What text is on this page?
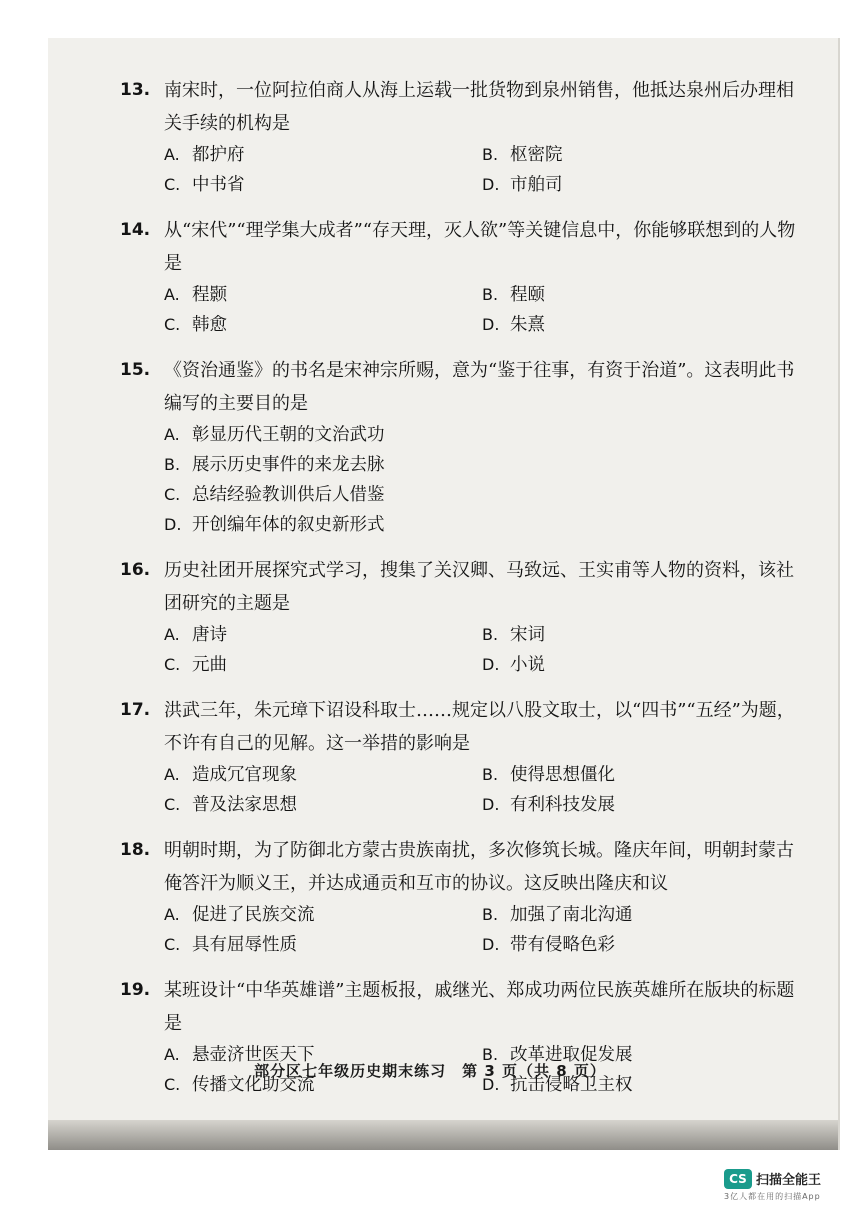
13. 南宋时，一位阿拉伯商人从海上运载一批货物到泉州销售，他抵达泉州后办理相关手续的机构是
A. 都护府	B. 枢密院
C. 中书省	D. 市舶司
14. 从“宋代”“理学集大成者”“存天理，灭人欲”等关键信息中，你能够联想到的人物是
A. 程颢	B. 程颐
C. 韩愈	D. 朱熹
15. 《资治通鉴》的书名是宋神宗所赐，意为“鉴于往事，有资于治道”。这表明此书编写的主要目的是
A. 彰显历代王朝的文治武功
B. 展示历史事件的来龙去脉
C. 总结经验教训供后人借鉴
D. 开创编年体的叙史新形式
16. 历史社团开展探究式学习，搜集了关汉卿、马致远、王实甫等人物的资料，该社团研究的主题是
A. 唐诗	B. 宋词
C. 元曲	D. 小说
17. 洪武三年，朱元璋下诏设科取士……规定以八股文取士，以“四书”“五经”为题，不许有自己的见解。这一举措的影响是
A. 造成冗官现象	B. 使得思想僵化
C. 普及法家思想	D. 有利科技发展
18. 明朝时期，为了防御北方蒙古贵族南扰，多次修筑长城。隆庆年间，明朝封蒙古俺答汗为顺义王，并达成通贡和互市的协议。这反映出隆庆和议
A. 促进了民族交流	B. 加强了南北沟通
C. 具有屈辱性质	D. 带有侵略色彩
19. 某班设计“中华英雄谱”主题板报，戚继光、郑成功两位民族英雄所在版块的标题是
A. 悬壶济世医天下	B. 改革进取促发展
C. 传播文化助交流	D. 抗击侵略卫主权
部分区七年级历史期末练习　第 3 页（共 8 页）
CS 扫描全能王
3亿人都在用的扫描App
